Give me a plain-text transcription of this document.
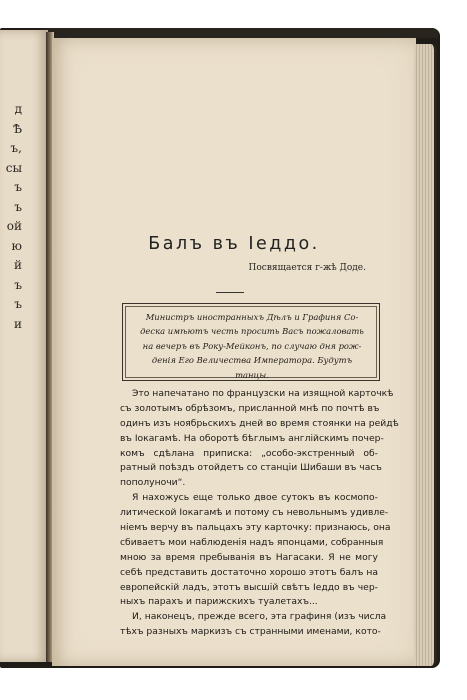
д
Ѣ
ъ,
сы
ъ
ъ
ой
ю
й
ъ
ъ
и
Балъ въ Іеддо.
Посвящается г-жѣ Доде.
Министръ иностранныхъ Дѣлъ и Графиня Со-
деска имѣютъ честь просить Васъ пожаловать
на вечеръ въ Року-Мейконъ, по случаю дня рож-
денія Его Величества Императора. Будутъ
танцы.
Это напечатано по французски на изящной карточкѣ
съ золотымъ обрѣзомъ, присланной мнѣ по почтѣ въ
одинъ изъ ноябрьскихъ дней во время стоянки на рейдѣ
въ Іокагамѣ. На оборотѣ бѣглымъ англійскимъ почер-
комъ сдѣлана приписка: „особо-экстренный об-
ратный поѣздъ отойдетъ со станціи Шибаши въ часъ
пополуночи“.
Я нахожусь еще только двое сутокъ въ космопо-
литической Іокагамѣ и потому съ невольнымъ удивле-
ніемъ верчу въ пальцахъ эту карточку: признаюсь, она
сбиваетъ мои наблюденія надъ японцами, собранныя
мною за время пребыванія въ Нагасаки. Я не могу
себѣ представить достаточно хорошо этотъ балъ на
европейскій ладъ, этотъ высшій свѣтъ Іеддо въ чер-
ныхъ парахъ и парижскихъ туалетахъ...
И, наконецъ, прежде всего, эта графиня (изъ числа
тѣхъ разныхъ маркизъ съ странными именами, кото-
